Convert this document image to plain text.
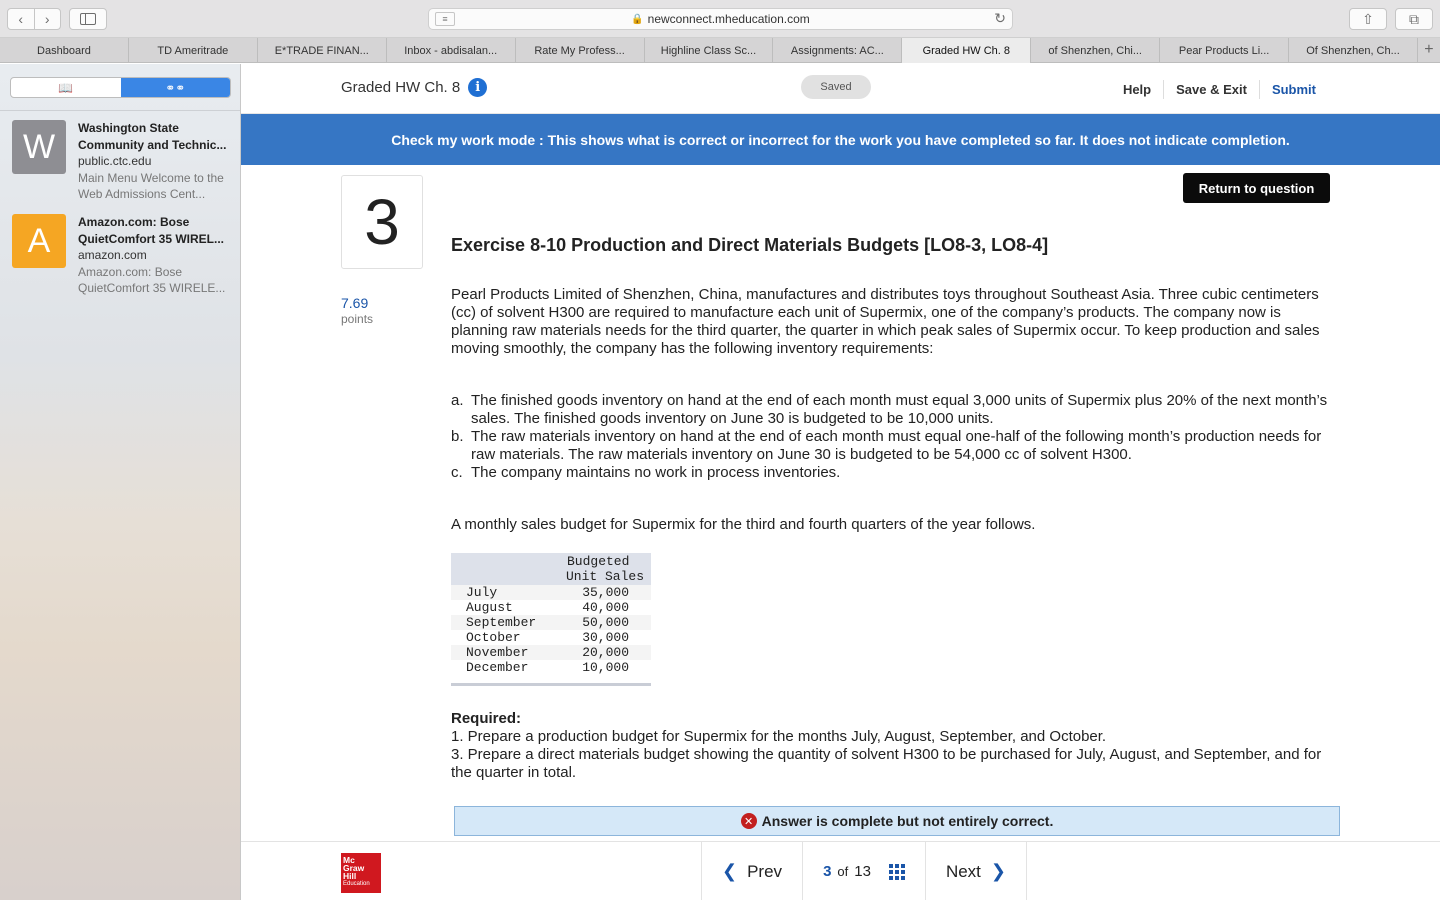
‹	›	≡	🔒 newconnect.mheducation.com	↻	⇧	⧉
Dashboard	TD Ameritrade	E*TRADE FINAN...	Inbox - abdisalan...	Rate My Profess...	Highline Class Sc...	Assignments: AC...	Graded HW Ch. 8	of Shenzhen, Chi...	Pear Products Li...	Of Shenzhen, Ch...	+
📖	⚭⚭
W	Washington State Community and Technic...
public.ctc.edu
Main Menu Welcome to the Web Admissions Cent...
A	Amazon.com: Bose QuietComfort 35 WIREL...
amazon.com
Amazon.com: Bose QuietComfort 35 WIRELE...
Graded HW Ch. 8	i	Saved	Help	Save & Exit	Submit
Check my work mode : This shows what is correct or incorrect for the work you have completed so far. It does not indicate completion.
3	Return to question
7.69
points
Exercise 8-10 Production and Direct Materials Budgets [LO8-3, LO8-4]

Pearl Products Limited of Shenzhen, China, manufactures and distributes toys throughout Southeast Asia. Three cubic centimeters (cc) of solvent H300 are required to manufacture each unit of Supermix, one of the company’s products. The company now is planning raw materials needs for the third quarter, the quarter in which peak sales of Supermix occur. To keep production and sales moving smoothly, the company has the following inventory requirements:

a. The finished goods inventory on hand at the end of each month must equal 3,000 units of Supermix plus 20% of the next month’s sales. The finished goods inventory on June 30 is budgeted to be 10,000 units.
b. The raw materials inventory on hand at the end of each month must equal one-half of the following month’s production needs for raw materials. The raw materials inventory on June 30 is budgeted to be 54,000 cc of solvent H300.
c. The company maintains no work in process inventories.

A monthly sales budget for Supermix for the third and fourth quarters of the year follows.

Budgeted
Unit Sales
July	35,000
August	40,000
September	50,000
October	30,000
November	20,000
December	10,000
Required:
1. Prepare a production budget for Supermix for the months July, August, September, and October.
3. Prepare a direct materials budget showing the quantity of solvent H300 to be purchased for July, August, and September, and for the quarter in total.
✕ Answer is complete but not entirely correct.
Mc
Graw
Hill
Education
❮ Prev	3 of 13	Next ❯
